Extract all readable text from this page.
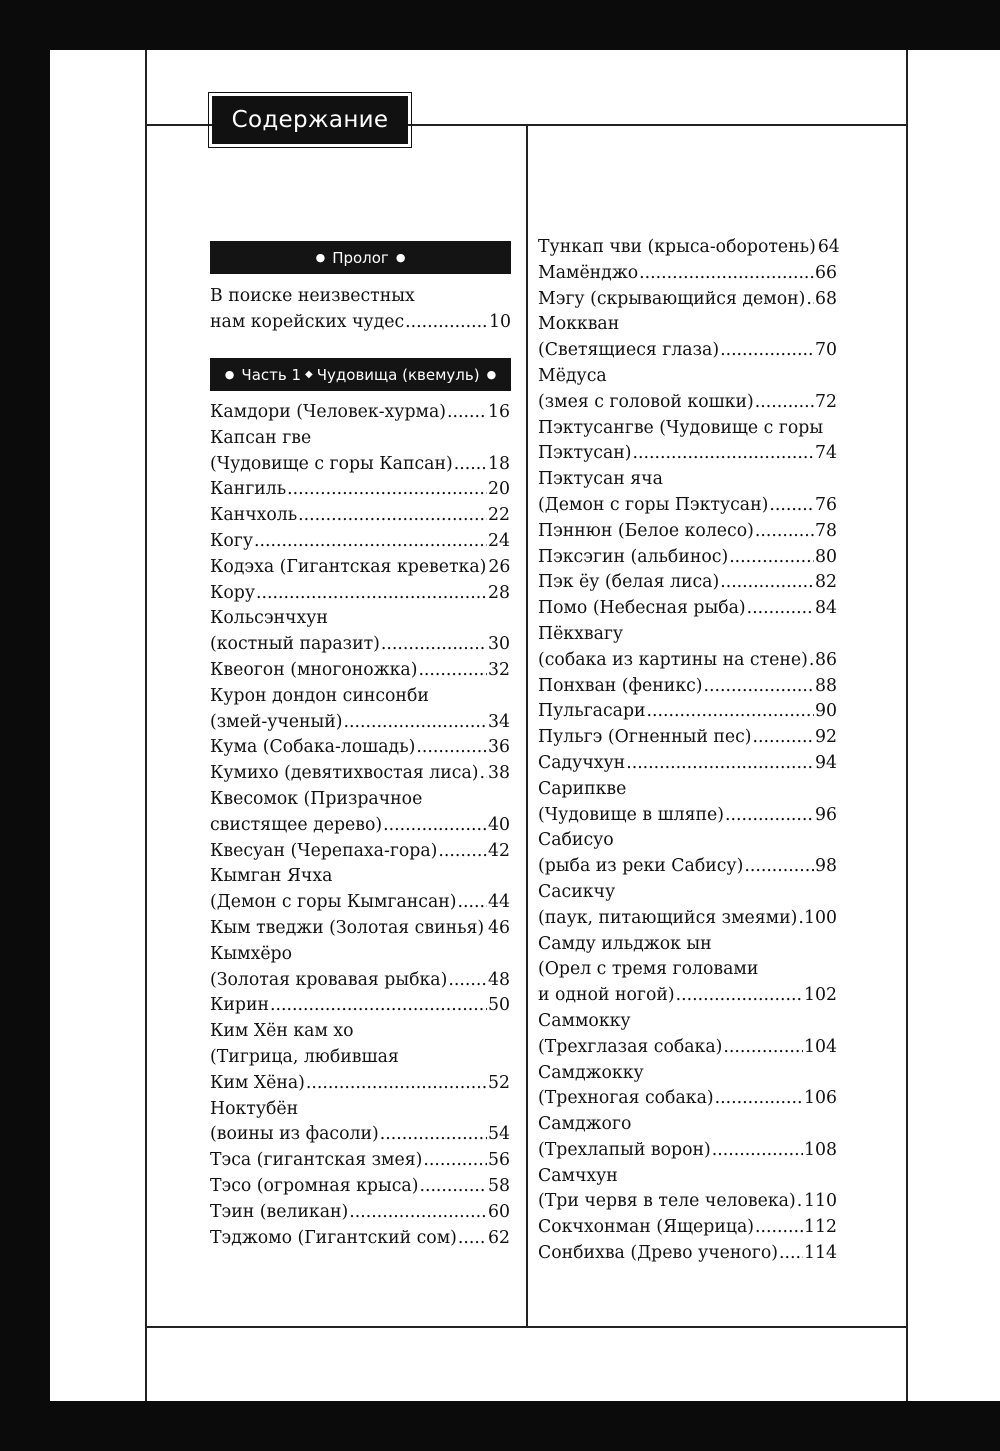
Содержание
● Пролог ●
В поиске неизвестных
нам корейских чудес .....	10
● Часть 1 ◆ Чудовища (квемуль) ●
Камдори (Человек-хурма) ..... 16
Капсан гве
(Чудовище с горы Капсан) ..... 18
Кангиль .....	20
Канчхоль .....	22
Когу .....	24
Кодэха (Гигантская креветка) 26
Кору .....	28
Кольсэнчхун
(костный паразит) .....	30
Квеогон (многоножка) .....	32
Курон дондон синсонби
(змей-ученый) .....	34
Кума (Собака-лошадь) .....	36
Кумихо (девятихвостая лиса) ..... 38
Квесомок (Призрачное
свистящее дерево) .....	40
Квесуан (Черепаха-гора) .....	42
Кымган Ячха
(Демон с горы Кымгансан) ..... 44
Кым тведжи (Золотая свинья) ..... 46
Кымхёро
(Золотая кровавая рыбка) ..... 48
Кирин .....	50
Ким Хён кам хо
(Тигрица, любившая
Ким Хёна) .....	52
Ноктубён
(воины из фасоли) .....	54
Тэса (гигантская змея) .....	56
Тэсо (огромная крыса) .....	58
Тэин (великан) .....	60
Тэджомо (Гигантский сом) ..... 62
Тункап чви (крыса-оборотень) 64
Мамёнджо .....	66
Мэгу (скрывающийся демон) ..... 68
Моккван
(Светящиеся глаза) .....	70
Мёдуса
(змея с головой кошки) .....	72
Пэктусангве (Чудовище с горы
Пэктусан) .....	74
Пэктусан яча
(Демон с горы Пэктусан) .....	76
Пэннюн (Белое колесо) .....	78
Пэксэгин (альбинос) .....	80
Пэк ёу (белая лиса) .....	82
Помо (Небесная рыба) .....	84
Пёкхвагу
(собака из картины на стене) ..... 86
Понхван (феникс) .....	88
Пульгасари .....	90
Пульгэ (Огненный пес) .....	92
Садучхун .....	94
Сарипкве
(Чудовище в шляпе) .....	96
Сабисуо
(рыба из реки Сабису) .....	98
Сасикчу
(паук, питающийся змеями) ..... 100
Самду ильджок ын
(Орел с тремя головами
и одной ногой) .....	102
Саммокку
(Трехглазая собака) .....	104
Самджокку
(Трехногая собака) .....	106
Самджого
(Трехлапый ворон) .....	108
Самчхун
(Три червя в теле человека) ..... 110
Сокчхонман (Ящерица) .....	112
Сонбихва (Древо ученого) ..... 114
